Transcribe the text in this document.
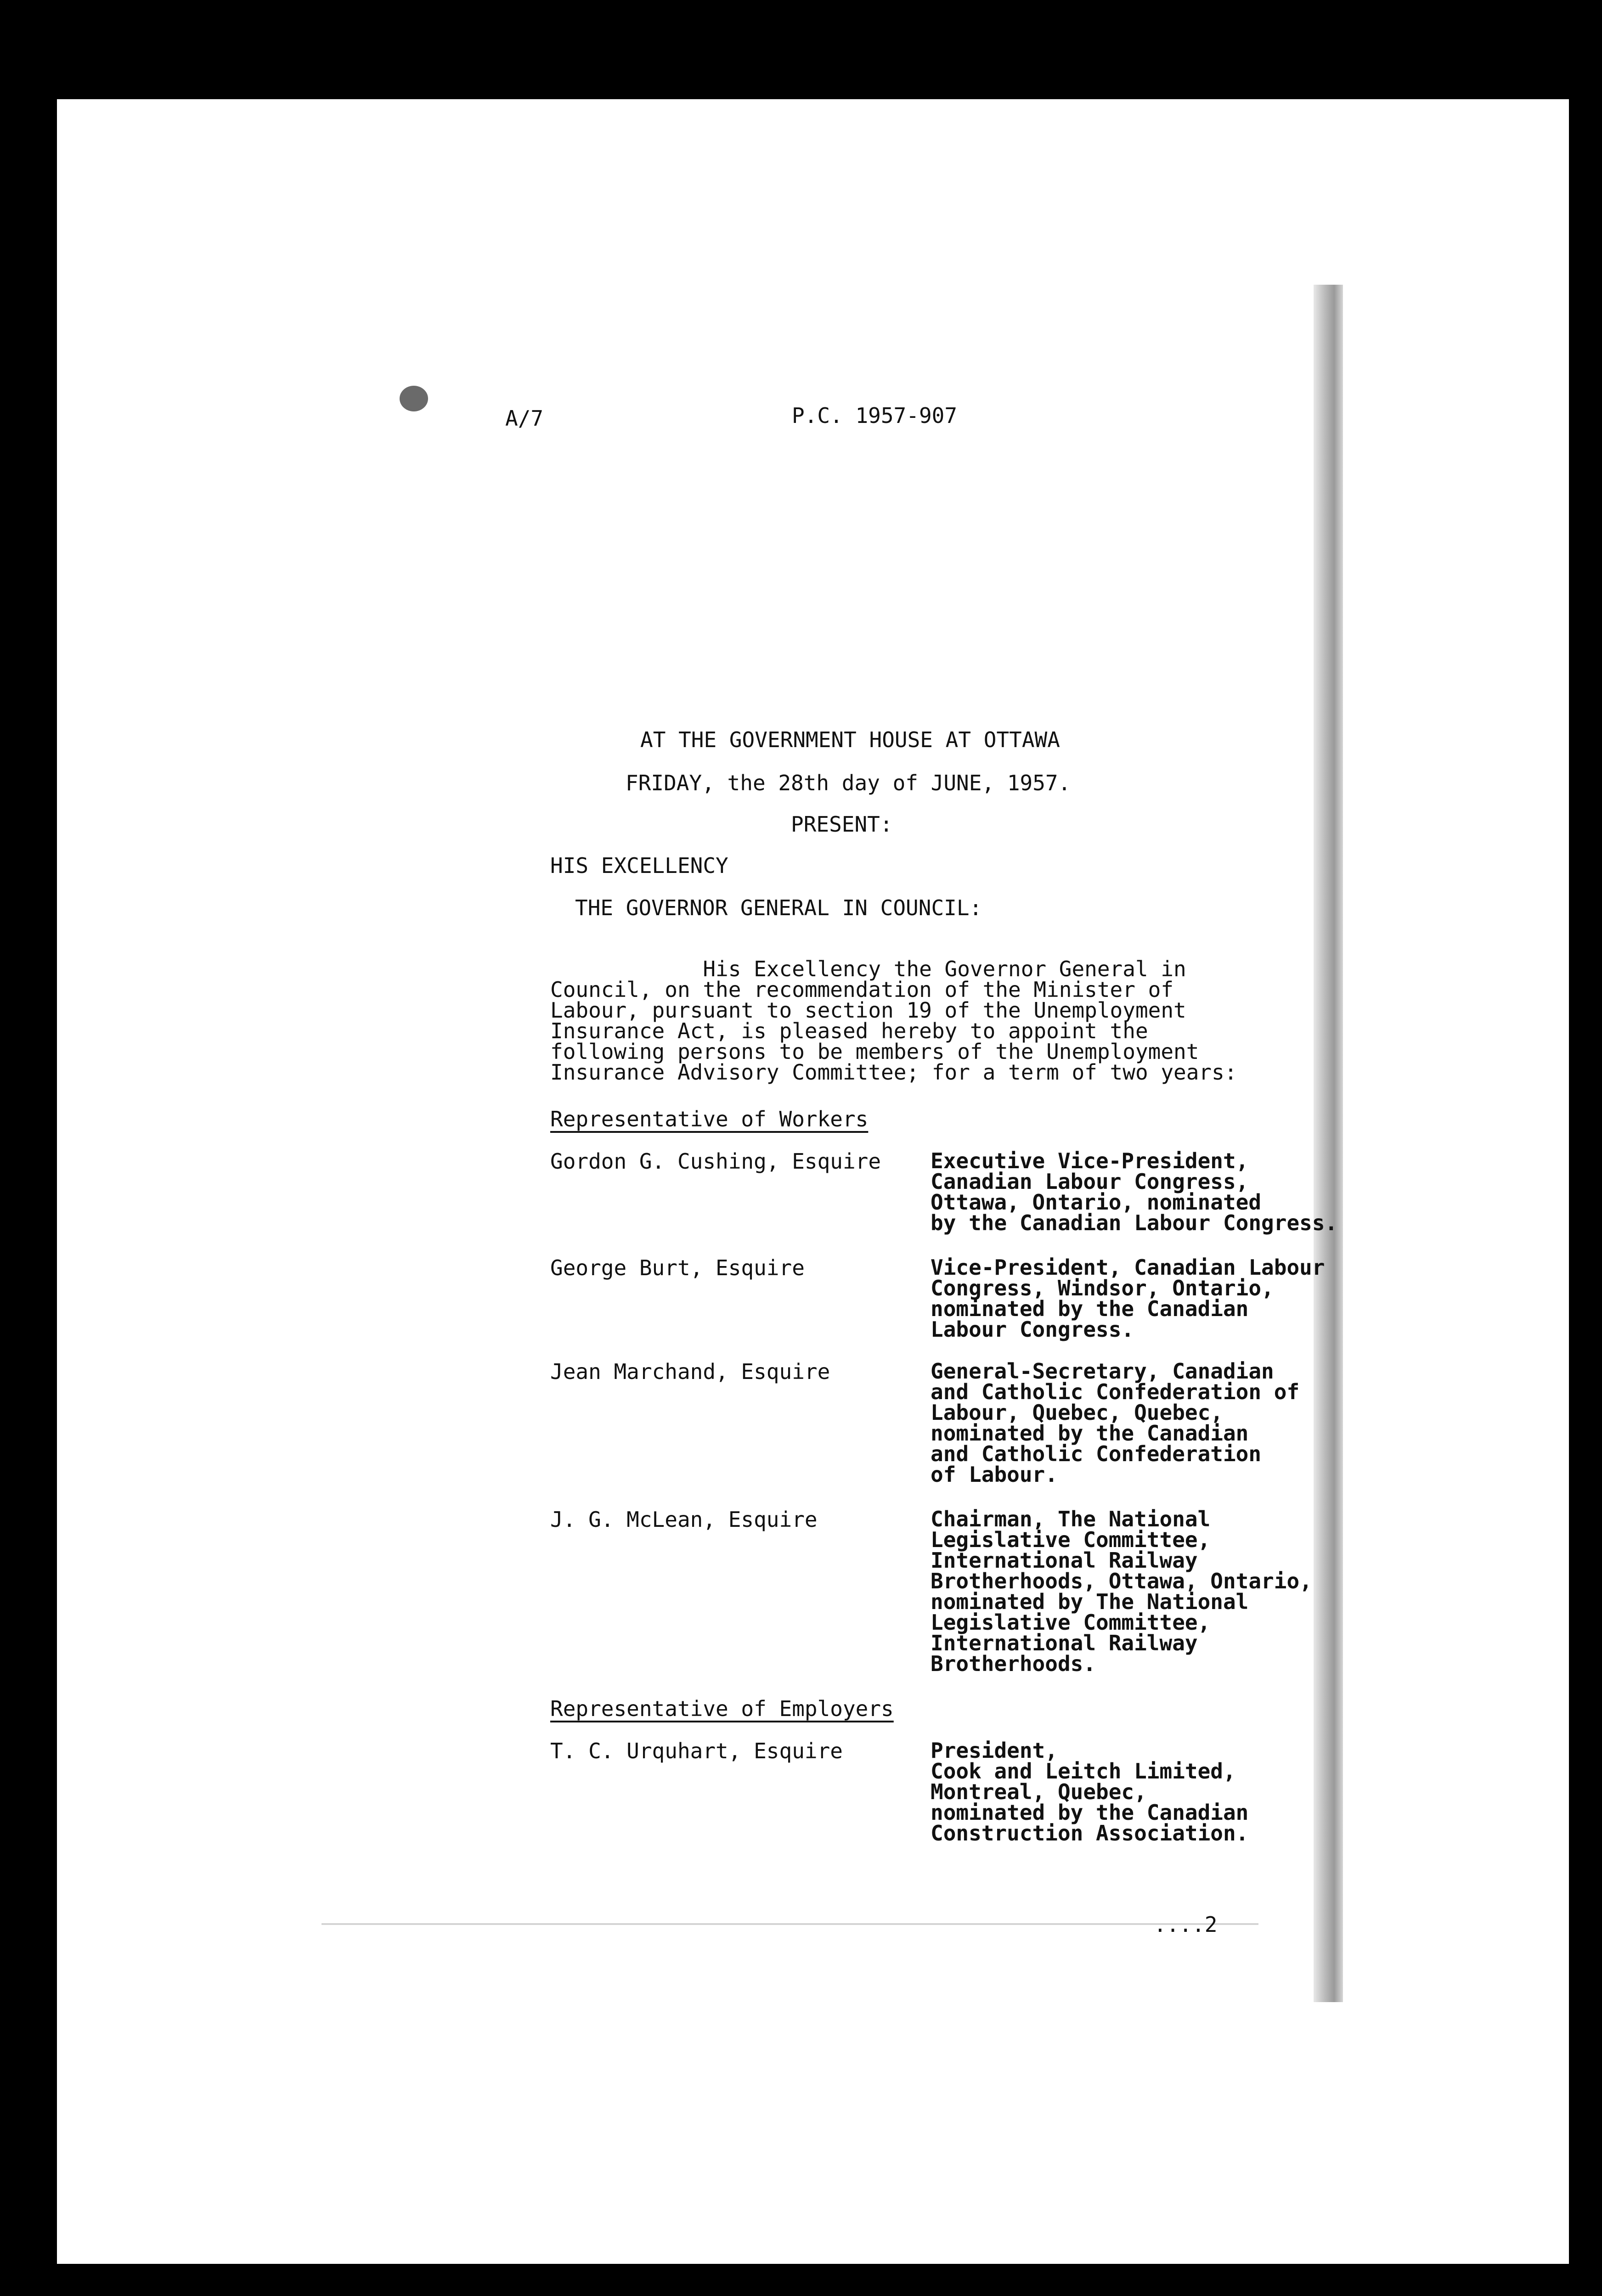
A/7	P.C. 1957-907

AT THE GOVERNMENT HOUSE AT OTTAWA

FRIDAY, the 28th day of JUNE, 1957.

PRESENT:

HIS EXCELLENCY

THE GOVERNOR GENERAL IN COUNCIL:

His Excellency the Governor General in
Council, on the recommendation of the Minister of
Labour, pursuant to section 19 of the Unemployment
Insurance Act, is pleased hereby to appoint the
following persons to be members of the Unemployment
Insurance Advisory Committee; for a term of two years:

Representative of Workers

Gordon G. Cushing, Esquire Executive Vice-President,
Canadian Labour Congress,
Ottawa, Ontario, nominated
by the Canadian Labour Congress.

George Burt, Esquire	Vice-President, Canadian Labour
Congress, Windsor, Ontario,
nominated by the Canadian
Labour Congress.

Jean Marchand, Esquire	General-Secretary, Canadian
and Catholic Confederation of
Labour, Quebec, Quebec,
nominated by the Canadian
and Catholic Confederation
of Labour.

J. G. McLean, Esquire	Chairman, The National
Legislative Committee,
International Railway
Brotherhoods, Ottawa, Ontario,
nominated by The National
Legislative Committee,
International Railway
Brotherhoods.

Representative of Employers

T. C. Urquhart, Esquire	President,
Cook and Leitch Limited,
Montreal, Quebec,
nominated by the Canadian
Construction Association.

....2
